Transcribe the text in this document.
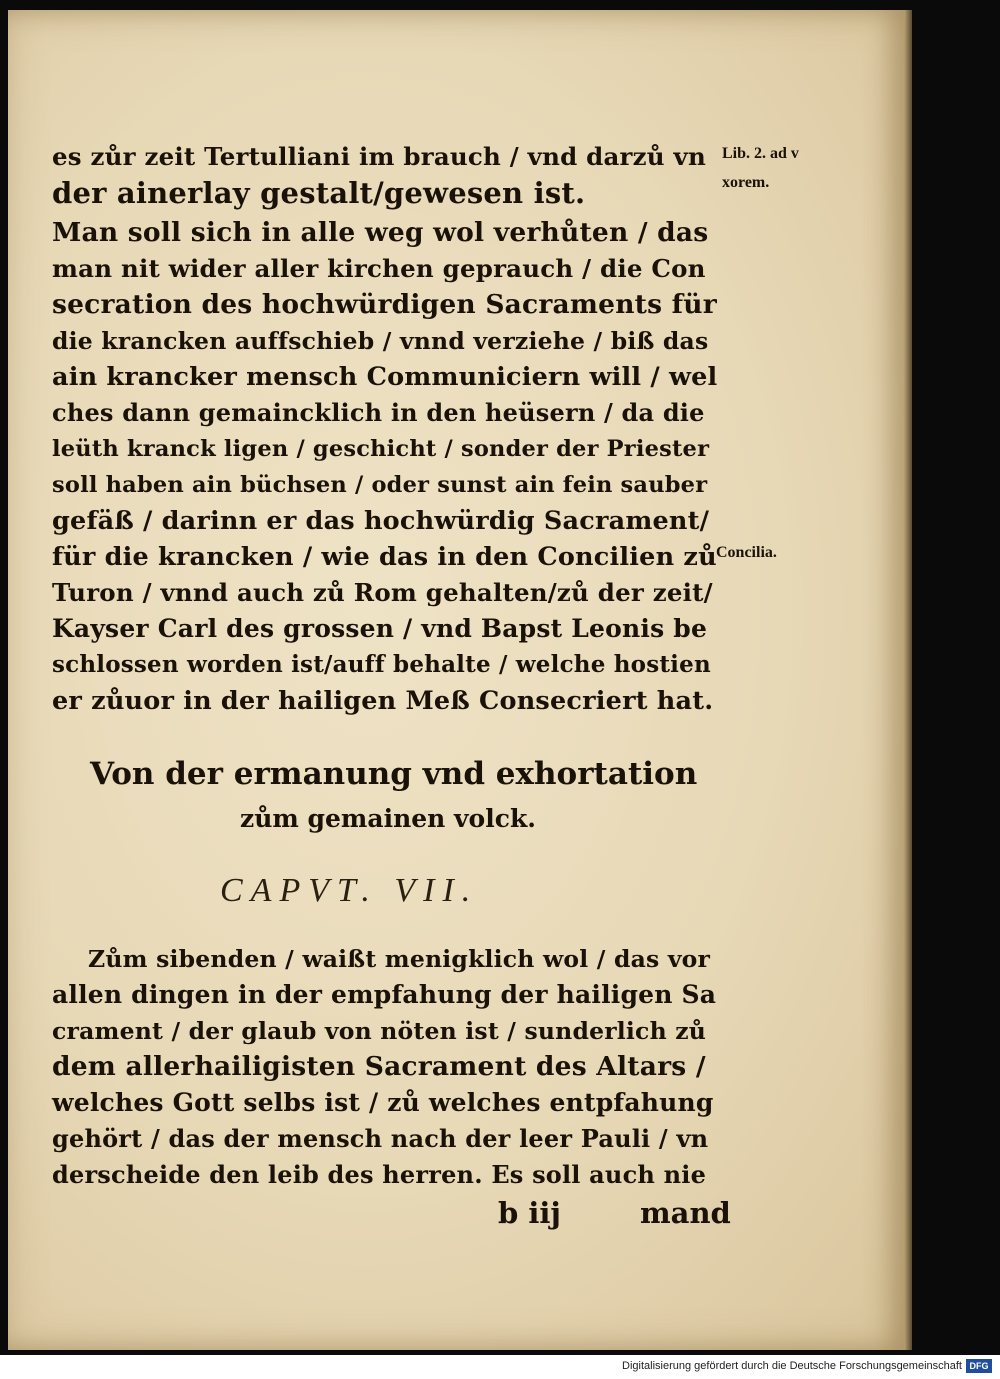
es zůr zeit Tertulliani im brauch / vnd darzů vn
der ainerlay gestalt/gewesen ist.
Man soll sich in alle weg wol verhůten / das
man nit wider aller kirchen geprauch / die Con
secration des hochwürdigen Sacraments für
die krancken auffschieb / vnnd verziehe / biß das
ain krancker mensch Communiciern will / wel
ches dann gemaincklich in den heüsern / da die
leüth kranck ligen / geschicht / sonder der Priester
soll haben ain büchsen / oder sunst ain fein sauber
gefäß / darinn er das hochwürdig Sacrament/
für die krancken / wie das in den Concilien zů
Turon / vnnd auch zů Rom gehalten/zů der zeit/
Kayser Carl des grossen / vnd Bapst Leonis be
schlossen worden ist/auff behalte / welche hostien
er zůuor in der hailigen Meß Consecriert hat.
Lib. 2. ad v
xorem.
Concilia.
Von der ermanung vnd exhortation
zům gemainen volck.
CAPVT. VII.
Zům sibenden / waißt menigklich wol / das vor
allen dingen in der empfahung der hailigen Sa
crament / der glaub von nöten ist / sunderlich zů
dem allerhailigisten Sacrament des Altars /
welches Gott selbs ist / zů welches entpfahung
gehört / das der mensch nach der leer Pauli / vn
derscheide den leib des herren. Es soll auch nie
b iij	mand
Digitalisierung gefördert durch die Deutsche Forschungsgemeinschaft DFG
